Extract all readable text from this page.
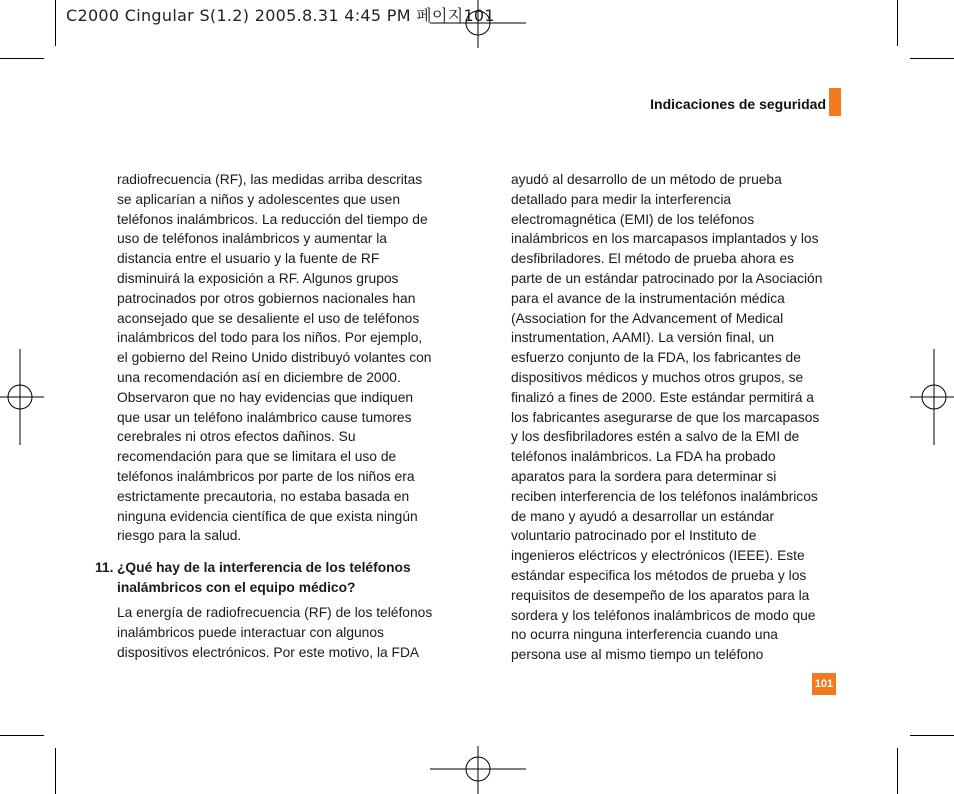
C2000 Cingular S(1.2) 2005.8.31 4:45 PM 페이지101
Indicaciones de seguridad
radiofrecuencia (RF), las medidas arriba descritas
se aplicarían a niños y adolescentes que usen
teléfonos inalámbricos. La reducción del tiempo de
uso de teléfonos inalámbricos y aumentar la
distancia entre el usuario y la fuente de RF
disminuirá la exposición a RF. Algunos grupos
patrocinados por otros gobiernos nacionales han
aconsejado que se desaliente el uso de teléfonos
inalámbricos del todo para los niños. Por ejemplo,
el gobierno del Reino Unido distribuyó volantes con
una recomendación así en diciembre de 2000.
Observaron que no hay evidencias que indiquen
que usar un teléfono inalámbrico cause tumores
cerebrales ni otros efectos dañinos. Su
recomendación para que se limitara el uso de
teléfonos inalámbricos por parte de los niños era
estrictamente precautoria, no estaba basada en
ninguna evidencia científica de que exista ningún
riesgo para la salud.
11. ¿Qué hay de la interferencia de los teléfonos
inalámbricos con el equipo médico?
La energía de radiofrecuencia (RF) de los teléfonos
inalámbricos puede interactuar con algunos
dispositivos electrónicos. Por este motivo, la FDA
ayudó al desarrollo de un método de prueba
detallado para medir la interferencia
electromagnética (EMI) de los teléfonos
inalámbricos en los marcapasos implantados y los
desfibriladores. El método de prueba ahora es
parte de un estándar patrocinado por la Asociación
para el avance de la instrumentación médica
(Association for the Advancement of Medical
instrumentation, AAMI). La versión final, un
esfuerzo conjunto de la FDA, los fabricantes de
dispositivos médicos y muchos otros grupos, se
finalizó a fines de 2000. Este estándar permitirá a
los fabricantes asegurarse de que los marcapasos
y los desfibriladores estén a salvo de la EMI de
teléfonos inalámbricos. La FDA ha probado
aparatos para la sordera para determinar si
reciben interferencia de los teléfonos inalámbricos
de mano y ayudó a desarrollar un estándar
voluntario patrocinado por el Instituto de
ingenieros eléctricos y electrónicos (IEEE). Este
estándar especifica los métodos de prueba y los
requisitos de desempeño de los aparatos para la
sordera y los teléfonos inalámbricos de modo que
no ocurra ninguna interferencia cuando una
persona use al mismo tiempo un teléfono
101
